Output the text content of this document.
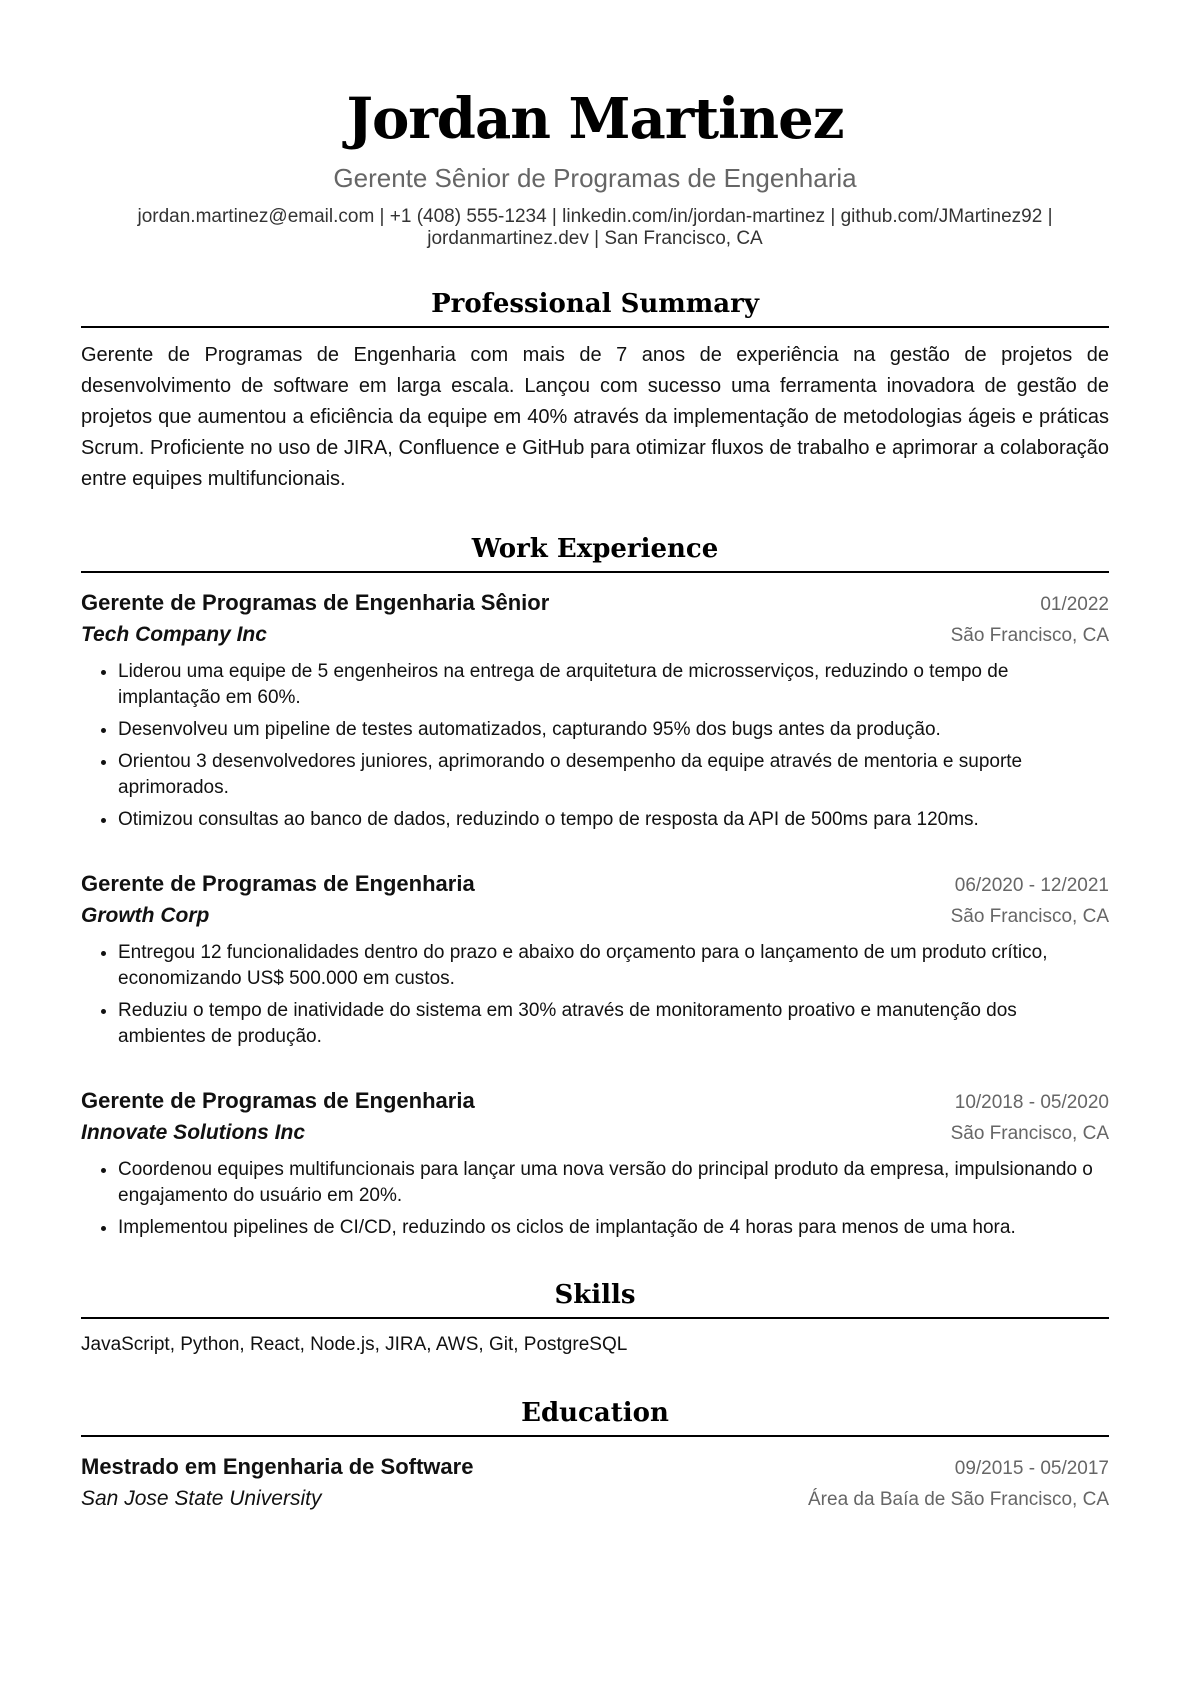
Jordan Martinez
Gerente Sênior de Programas de Engenharia
jordan.martinez@email.com | +1 (408) 555-1234 | linkedin.com/in/jordan-martinez | github.com/JMartinez92 |
jordanmartinez.dev | San Francisco, CA
Professional Summary

Gerente de Programas de Engenharia com mais de 7 anos de experiência na gestão de projetos de desenvolvimento de software em larga escala. Lançou com sucesso uma ferramenta inovadora de gestão de projetos que aumentou a eficiência da equipe em 40% através da implementação de metodologias ágeis e práticas Scrum. Proficiente no uso de JIRA, Confluence e GitHub para otimizar fluxos de trabalho e aprimorar a colaboração entre equipes multifuncionais.

Work Experience
Gerente de Programas de Engenharia Sênior	01/2022
Tech Company Inc	São Francisco, CA
• Liderou uma equipe de 5 engenheiros na entrega de arquitetura de microsserviços, reduzindo o tempo de implantação em 60%.
• Desenvolveu um pipeline de testes automatizados, capturando 95% dos bugs antes da produção.
• Orientou 3 desenvolvedores juniores, aprimorando o desempenho da equipe através de mentoria e suporte aprimorados.
• Otimizou consultas ao banco de dados, reduzindo o tempo de resposta da API de 500ms para 120ms.
Gerente de Programas de Engenharia	06/2020 - 12/2021
Growth Corp	São Francisco, CA
• Entregou 12 funcionalidades dentro do prazo e abaixo do orçamento para o lançamento de um produto crítico, economizando US$ 500.000 em custos.
• Reduziu o tempo de inatividade do sistema em 30% através de monitoramento proativo e manutenção dos ambientes de produção.
Gerente de Programas de Engenharia	10/2018 - 05/2020
Innovate Solutions Inc	São Francisco, CA
• Coordenou equipes multifuncionais para lançar uma nova versão do principal produto da empresa, impulsionando o engajamento do usuário em 20%.
• Implementou pipelines de CI/CD, reduzindo os ciclos de implantação de 4 horas para menos de uma hora.
Skills

JavaScript, Python, React, Node.js, JIRA, AWS, Git, PostgreSQL

Education
Mestrado em Engenharia de Software	09/2015 - 05/2017
San Jose State University	Área da Baía de São Francisco, CA
